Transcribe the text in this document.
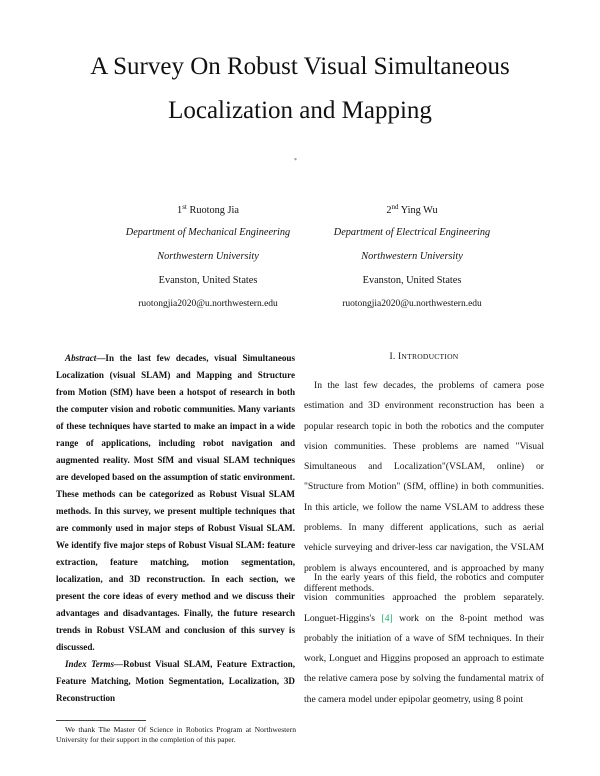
A Survey On Robust Visual Simultaneous
Localization and Mapping
*
1st Ruotong Jia
Department of Mechanical Engineering
Northwestern University
Evanston, United States
ruotongjia2020@u.northwestern.edu
2nd Ying Wu
Department of Electrical Engineering
Northwestern University
Evanston, United States
ruotongjia2020@u.northwestern.edu

Abstract—In the last few decades, visual Simultaneous Localization (visual SLAM) and Mapping and Structure from Motion (SfM) have been a hotspot of research in both the computer vision and robotic communities. Many variants of these techniques have started to make an impact in a wide range of applications, including robot navigation and augmented reality. Most SfM and visual SLAM techniques are developed based on the assumption of static environment. These methods can be categorized as Robust Visual SLAM methods. In this survey, we present multiple techniques that are commonly used in major steps of Robust Visual SLAM. We identify five major steps of Robust Visual SLAM: feature extraction, feature matching, motion segmentation, localization, and 3D reconstruction. In each section, we present the core ideas of every method and we discuss their advantages and disadvantages. Finally, the future research trends in Robust VSLAM and conclusion of this survey is discussed.

Index Terms—Robust Visual SLAM, Feature Extraction, Feature Matching, Motion Segmentation, Localization, 3D Reconstruction

We thank The Master Of Science in Robotics Program at Northwestern University for their support in the completion of this paper.
I. INTRODUCTION

In the last few decades, the problems of camera pose estimation and 3D environment reconstruction has been a popular research topic in both the robotics and the computer vision communities. These problems are named "Visual Simultaneous and Localization"(VSLAM, online) or "Structure from Motion" (SfM, offline) in both communities. In this article, we follow the name VSLAM to address these problems. In many different applications, such as aerial vehicle surveying and driver-less car navigation, the VSLAM problem is always encountered, and is approached by many different methods.

In the early years of this field, the robotics and computer vision communities approached the problem separately. Longuet-Higgins's [4] work on the 8-point method was probably the initiation of a wave of SfM techniques. In their work, Longuet and Higgins proposed an approach to estimate the relative camera pose by solving the fundamental matrix of the camera model under epipolar geometry, using 8 point
